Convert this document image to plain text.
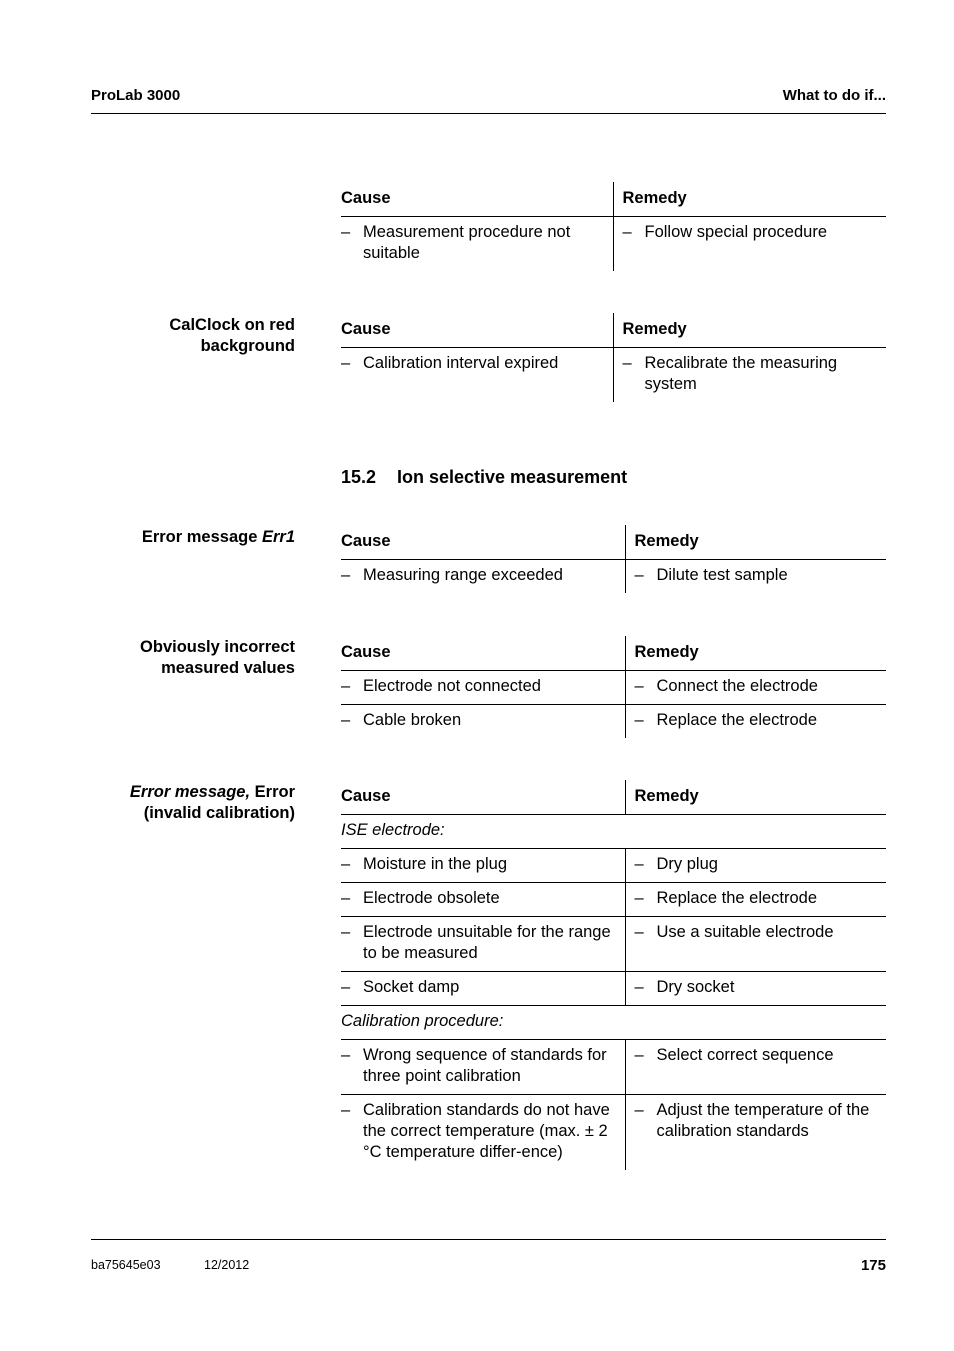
ProLab 3000	What to do if...
Cause	Remedy

– Measurement procedure not suitable	– Follow special procedure
CalClock on red
background
Cause	Remedy

– Calibration interval expired	– Recalibrate the measuring system
15.2 Ion selective measurement
Error message Err1	Cause	Remedy

– Measuring range exceeded	– Dilute test sample
Obviously incorrect
measured values
Cause	Remedy

– Electrode not connected	– Connect the electrode

– Cable broken	– Replace the electrode
Error message, Error
(invalid calibration)
Cause	Remedy
ISE electrode:	

– Moisture in the plug	– Dry plug

– Electrode obsolete	– Replace the electrode

– Electrode unsuitable for the range to be measured	– Use a suitable electrode

– Socket damp	– Dry socket

Calibration procedure:	

– Wrong sequence of standards for three point calibration	– Select correct sequence

– Calibration standards do not have the correct temperature (max. ± 2 °C temperature differ-ence)	– Adjust the temperature of the calibration standards
ba75645e03	12/2012	175
